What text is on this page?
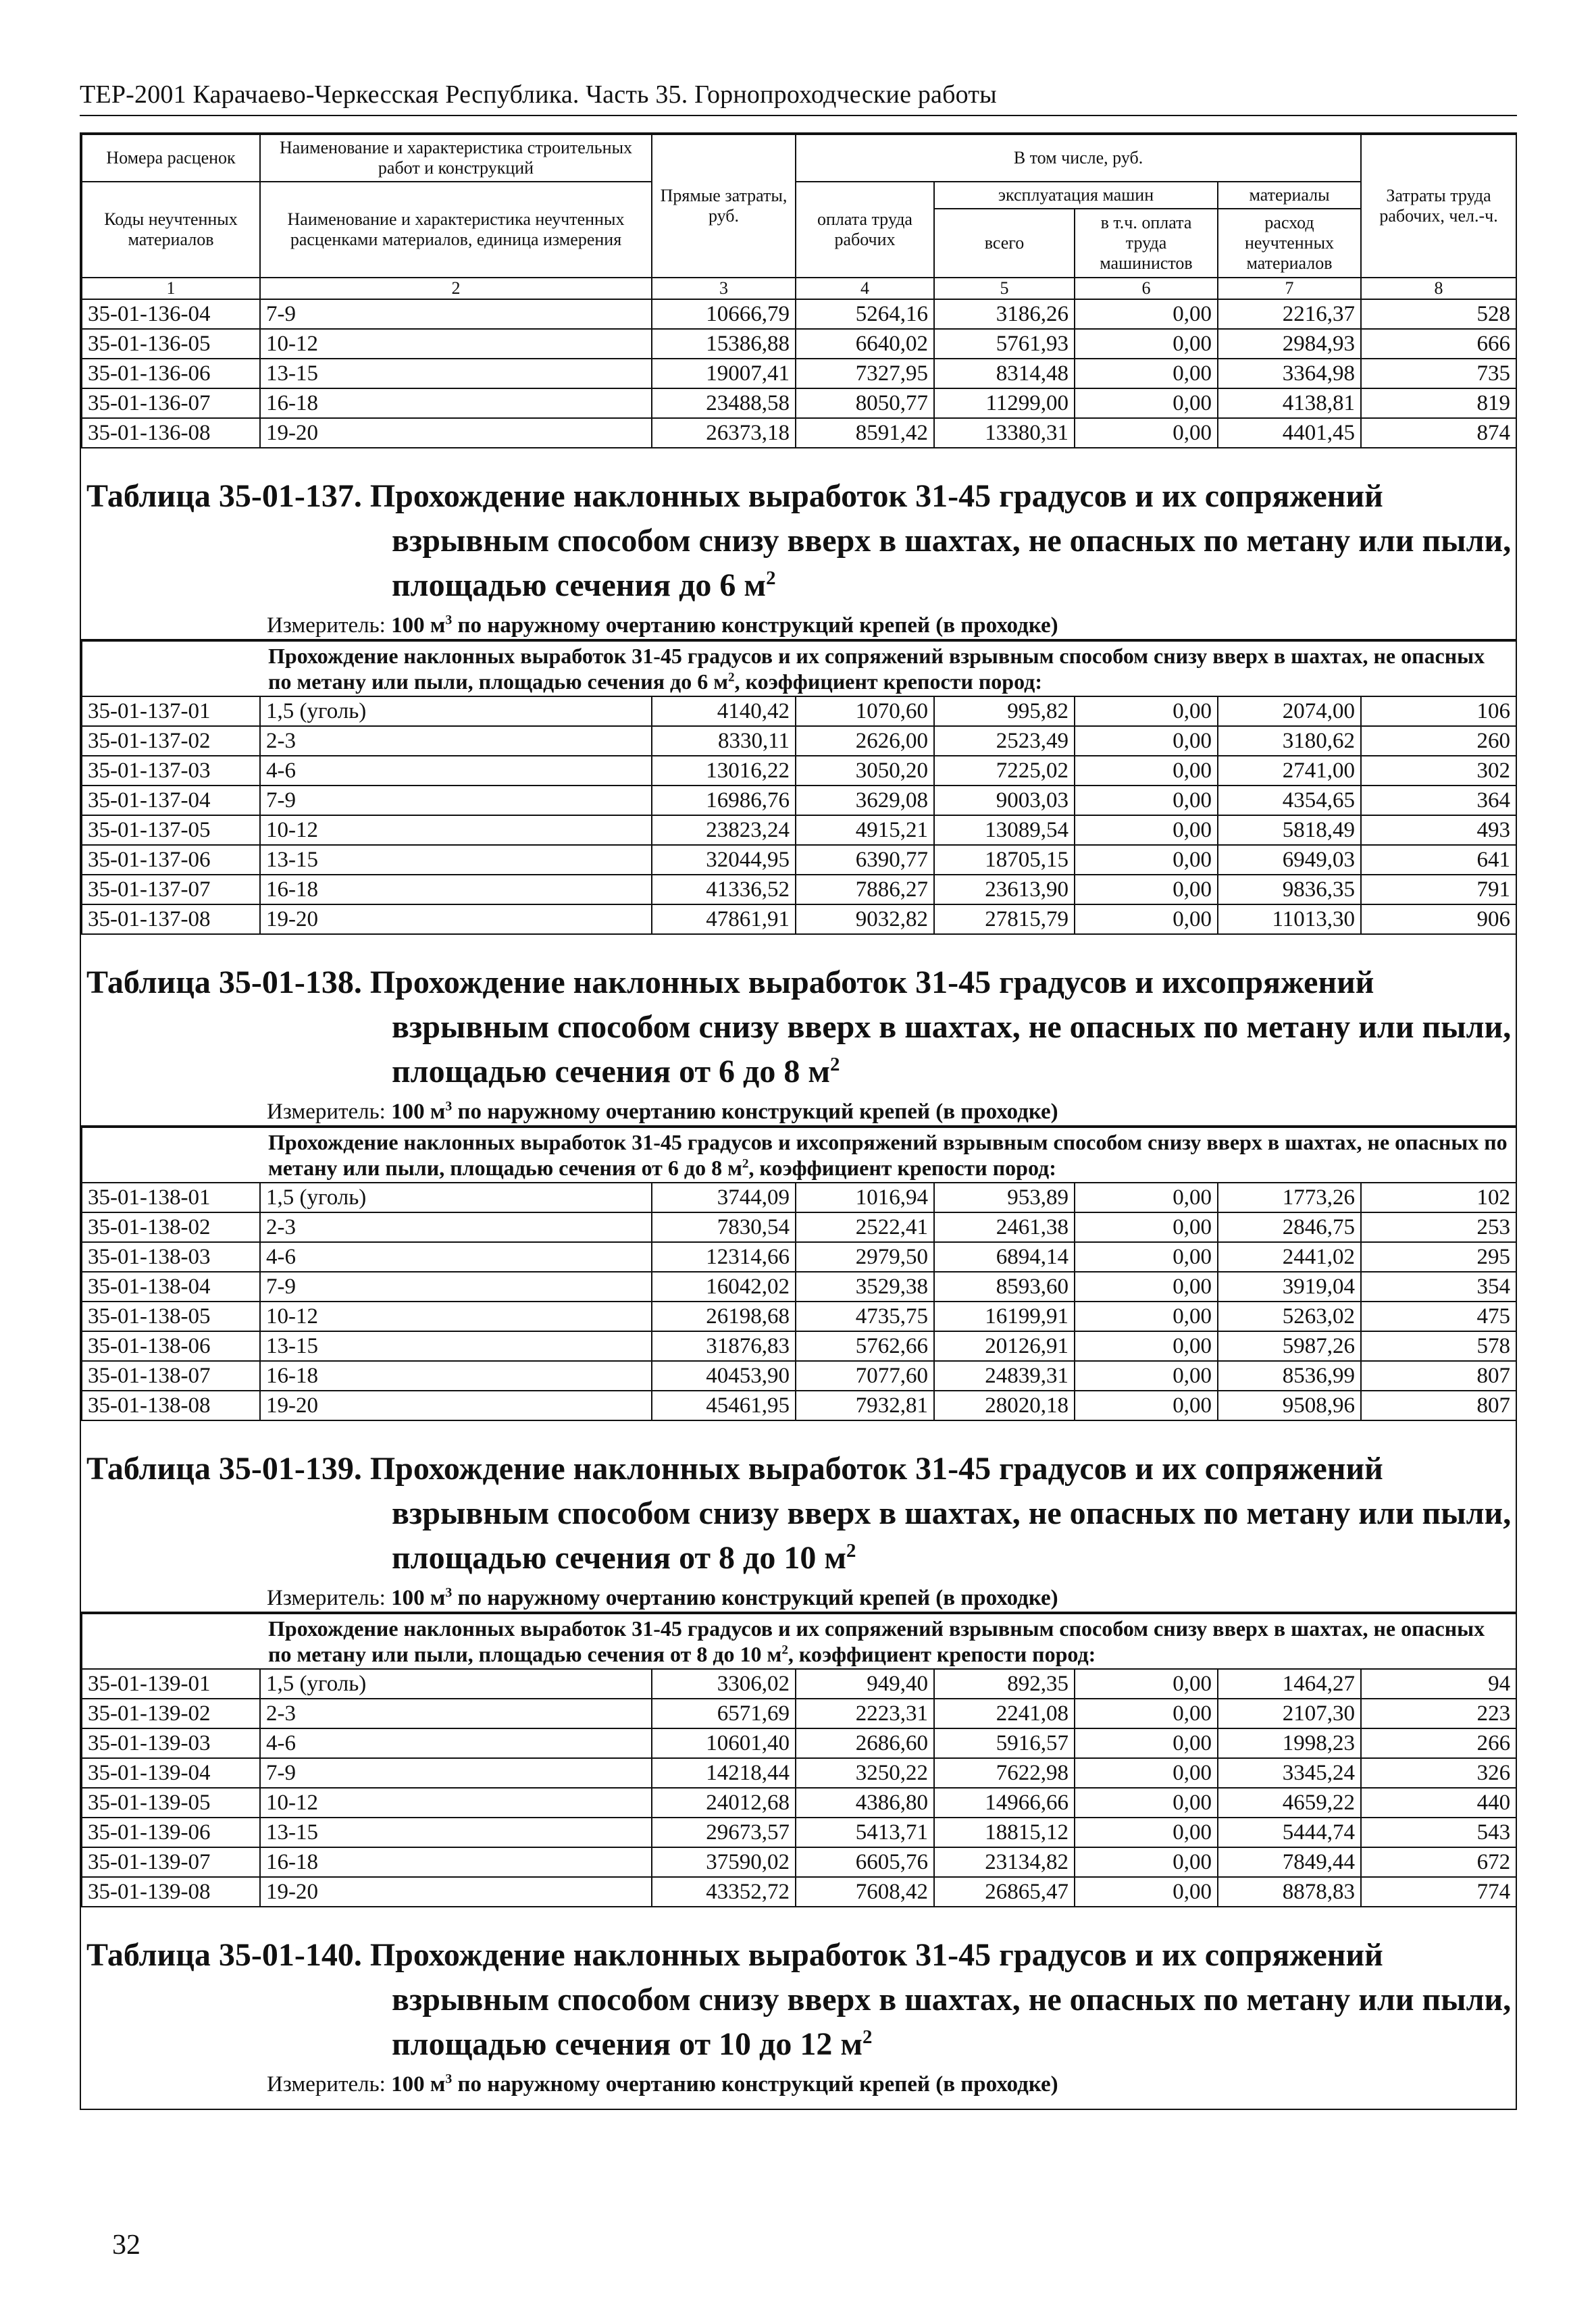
ТЕР-2001 Карачаево-Черкесская Республика. Часть 35. Горнопроходческие работы
Номера расценок	Наименование и характеристика строительных работ и конструкций	Прямые затраты, руб.	В том числе, руб.				Затраты труда рабочих, чел.-ч.
Коды неучтенных материалов	Наименование и характеристика неучтенных расценками материалов, единица измерения		оплата труда рабочих	эксплуатация машин		материалы	
				всего	в т.ч. оплата труда машинистов	расход неучтенных материалов	
1	2	3	4	5	6	7	8
35-01-136-04	7-9	10666,79	5264,16	3186,26	0,00	2216,37	528
35-01-136-05	10-12	15386,88	6640,02	5761,93	0,00	2984,93	666
35-01-136-06	13-15	19007,41	7327,95	8314,48	0,00	3364,98	735
35-01-136-07	16-18	23488,58	8050,77	11299,00	0,00	4138,81	819
35-01-136-08	19-20	26373,18	8591,42	13380,31	0,00	4401,45	874
Таблица 35-01-137. Прохождение наклонных выработок 31-45 градусов и их сопряжений
взрывным способом снизу вверх в шахтах, не опасных по метану или пыли, площадью сечения до 6 $м^2$
Измеритель: 100 $м^3$ по наружному очертанию конструкций крепей (в проходке)
Прохождение наклонных выработок 31-45 градусов и их сопряжений взрывным способом снизу вверх в шахтах, не опасных по метану или пыли, площадью сечения до 6 $м^2$, коэффициент крепости пород:							
35-01-137-01	1,5 (уголь)	4140,42	1070,60	995,82	0,00	2074,00	106
35-01-137-02	2-3	8330,11	2626,00	2523,49	0,00	3180,62	260
35-01-137-03	4-6	13016,22	3050,20	7225,02	0,00	2741,00	302
35-01-137-04	7-9	16986,76	3629,08	9003,03	0,00	4354,65	364
35-01-137-05	10-12	23823,24	4915,21	13089,54	0,00	5818,49	493
35-01-137-06	13-15	32044,95	6390,77	18705,15	0,00	6949,03	641
35-01-137-07	16-18	41336,52	7886,27	23613,90	0,00	9836,35	791
35-01-137-08	19-20	47861,91	9032,82	27815,79	0,00	11013,30	906
Таблица 35-01-138. Прохождение наклонных выработок 31-45 градусов и ихсопряжений
взрывным способом снизу вверх в шахтах, не опасных по метану или пыли, площадью сечения от 6 до 8 $м^2$
Измеритель: 100 $м^3$ по наружному очертанию конструкций крепей (в проходке)
Прохождение наклонных выработок 31-45 градусов и ихсопряжений взрывным способом снизу вверх в шахтах, не опасных по метану или пыли, площадью сечения от 6 до 8 $м^2$, коэффициент крепости пород:							
35-01-138-01	1,5 (уголь)	3744,09	1016,94	953,89	0,00	1773,26	102
35-01-138-02	2-3	7830,54	2522,41	2461,38	0,00	2846,75	253
35-01-138-03	4-6	12314,66	2979,50	6894,14	0,00	2441,02	295
35-01-138-04	7-9	16042,02	3529,38	8593,60	0,00	3919,04	354
35-01-138-05	10-12	26198,68	4735,75	16199,91	0,00	5263,02	475
35-01-138-06	13-15	31876,83	5762,66	20126,91	0,00	5987,26	578
35-01-138-07	16-18	40453,90	7077,60	24839,31	0,00	8536,99	807
35-01-138-08	19-20	45461,95	7932,81	28020,18	0,00	9508,96	807
Таблица 35-01-139. Прохождение наклонных выработок 31-45 градусов и их сопряжений
взрывным способом снизу вверх в шахтах, не опасных по метану или пыли, площадью сечения от 8 до 10 $м^2$
Измеритель: 100 $м^3$ по наружному очертанию конструкций крепей (в проходке)
Прохождение наклонных выработок 31-45 градусов и их сопряжений взрывным способом снизу вверх в шахтах, не опасных по метану или пыли, площадью сечения от 8 до 10 $м^2$, коэффициент крепости пород:							
35-01-139-01	1,5 (уголь)	3306,02	949,40	892,35	0,00	1464,27	94
35-01-139-02	2-3	6571,69	2223,31	2241,08	0,00	2107,30	223
35-01-139-03	4-6	10601,40	2686,60	5916,57	0,00	1998,23	266
35-01-139-04	7-9	14218,44	3250,22	7622,98	0,00	3345,24	326
35-01-139-05	10-12	24012,68	4386,80	14966,66	0,00	4659,22	440
35-01-139-06	13-15	29673,57	5413,71	18815,12	0,00	5444,74	543
35-01-139-07	16-18	37590,02	6605,76	23134,82	0,00	7849,44	672
35-01-139-08	19-20	43352,72	7608,42	26865,47	0,00	8878,83	774
Таблица 35-01-140. Прохождение наклонных выработок 31-45 градусов и их сопряжений
взрывным способом снизу вверх в шахтах, не опасных по метану или пыли, площадью сечения от 10 до 12 $м^2$
Измеритель: 100 $м^3$ по наружному очертанию конструкций крепей (в проходке)
32
